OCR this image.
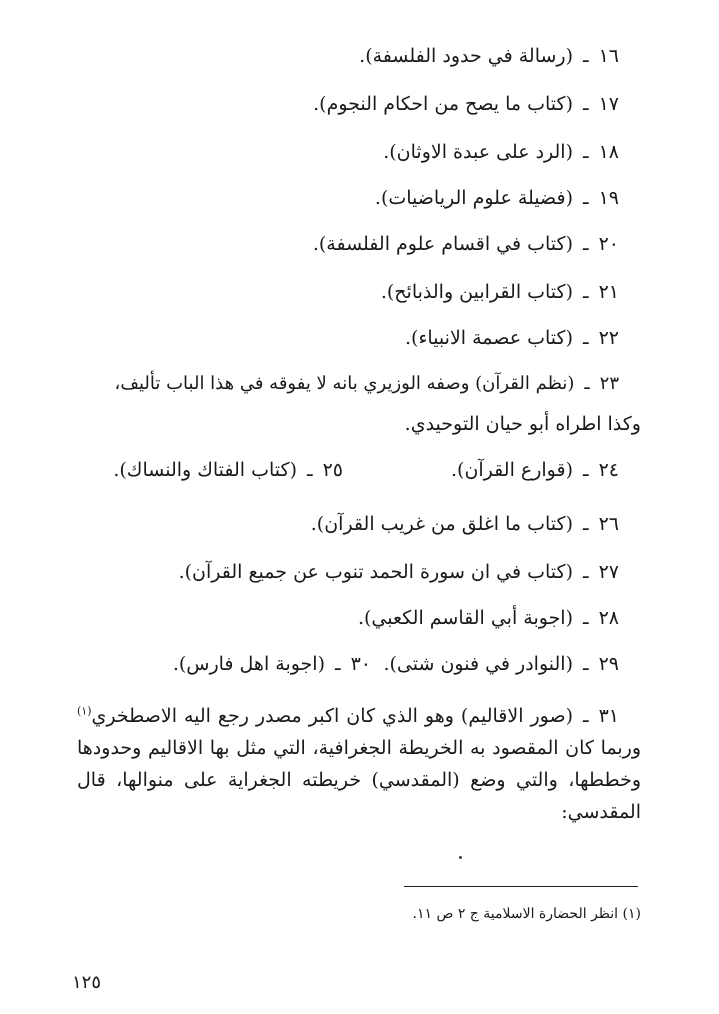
١٦ـ(رسالة في حدود الفلسفة).
١٧ـ(كتاب ما يصح من احكام النجوم).
١٨ـ(الرد على عبدة الاوثان).
١٩ـ(فضيلة علوم الرياضيات).
٢٠ـ(كتاب في اقسام علوم الفلسفة).
٢١ـ(كتاب القرابين والذبائح).
٢٢ـ(كتاب عصمة الانبياء).
٢٣ـ(نظم القرآن) وصفه الوزيري بانه لا يفوقه في هذا الباب تأليف،
وكذا اطراه أبو حيان التوحيدي.
٢٤ـ(قوارع القرآن).
٢٥ـ(كتاب الفتاك والنساك).
٢٦ـ(كتاب ما اغلق من غريب القرآن).
٢٧ـ(كتاب في ان سورة الحمد تنوب عن جميع القرآن).
٢٨ـ(اجوبة أبي القاسم الكعبي).
٢٩ـ(النوادر في فنون شتى).
٣٠ـ(اجوبة اهل فارس).
٣١ـ(صور الاقاليم) وهو الذي كان اكبر مصدر رجع اليه الاصطخري$^{(١)}$ وربما كان المقصود به الخريطة الجغرافية، التي مثل بها الاقاليم وحدودها وخططها، والتي وضع (المقدسي) خريطته الجغراية على منوالها، قال المقدسي:
(١) انظر الحضارة الاسلامية ج ٢ ص ١١.
١٢٥
